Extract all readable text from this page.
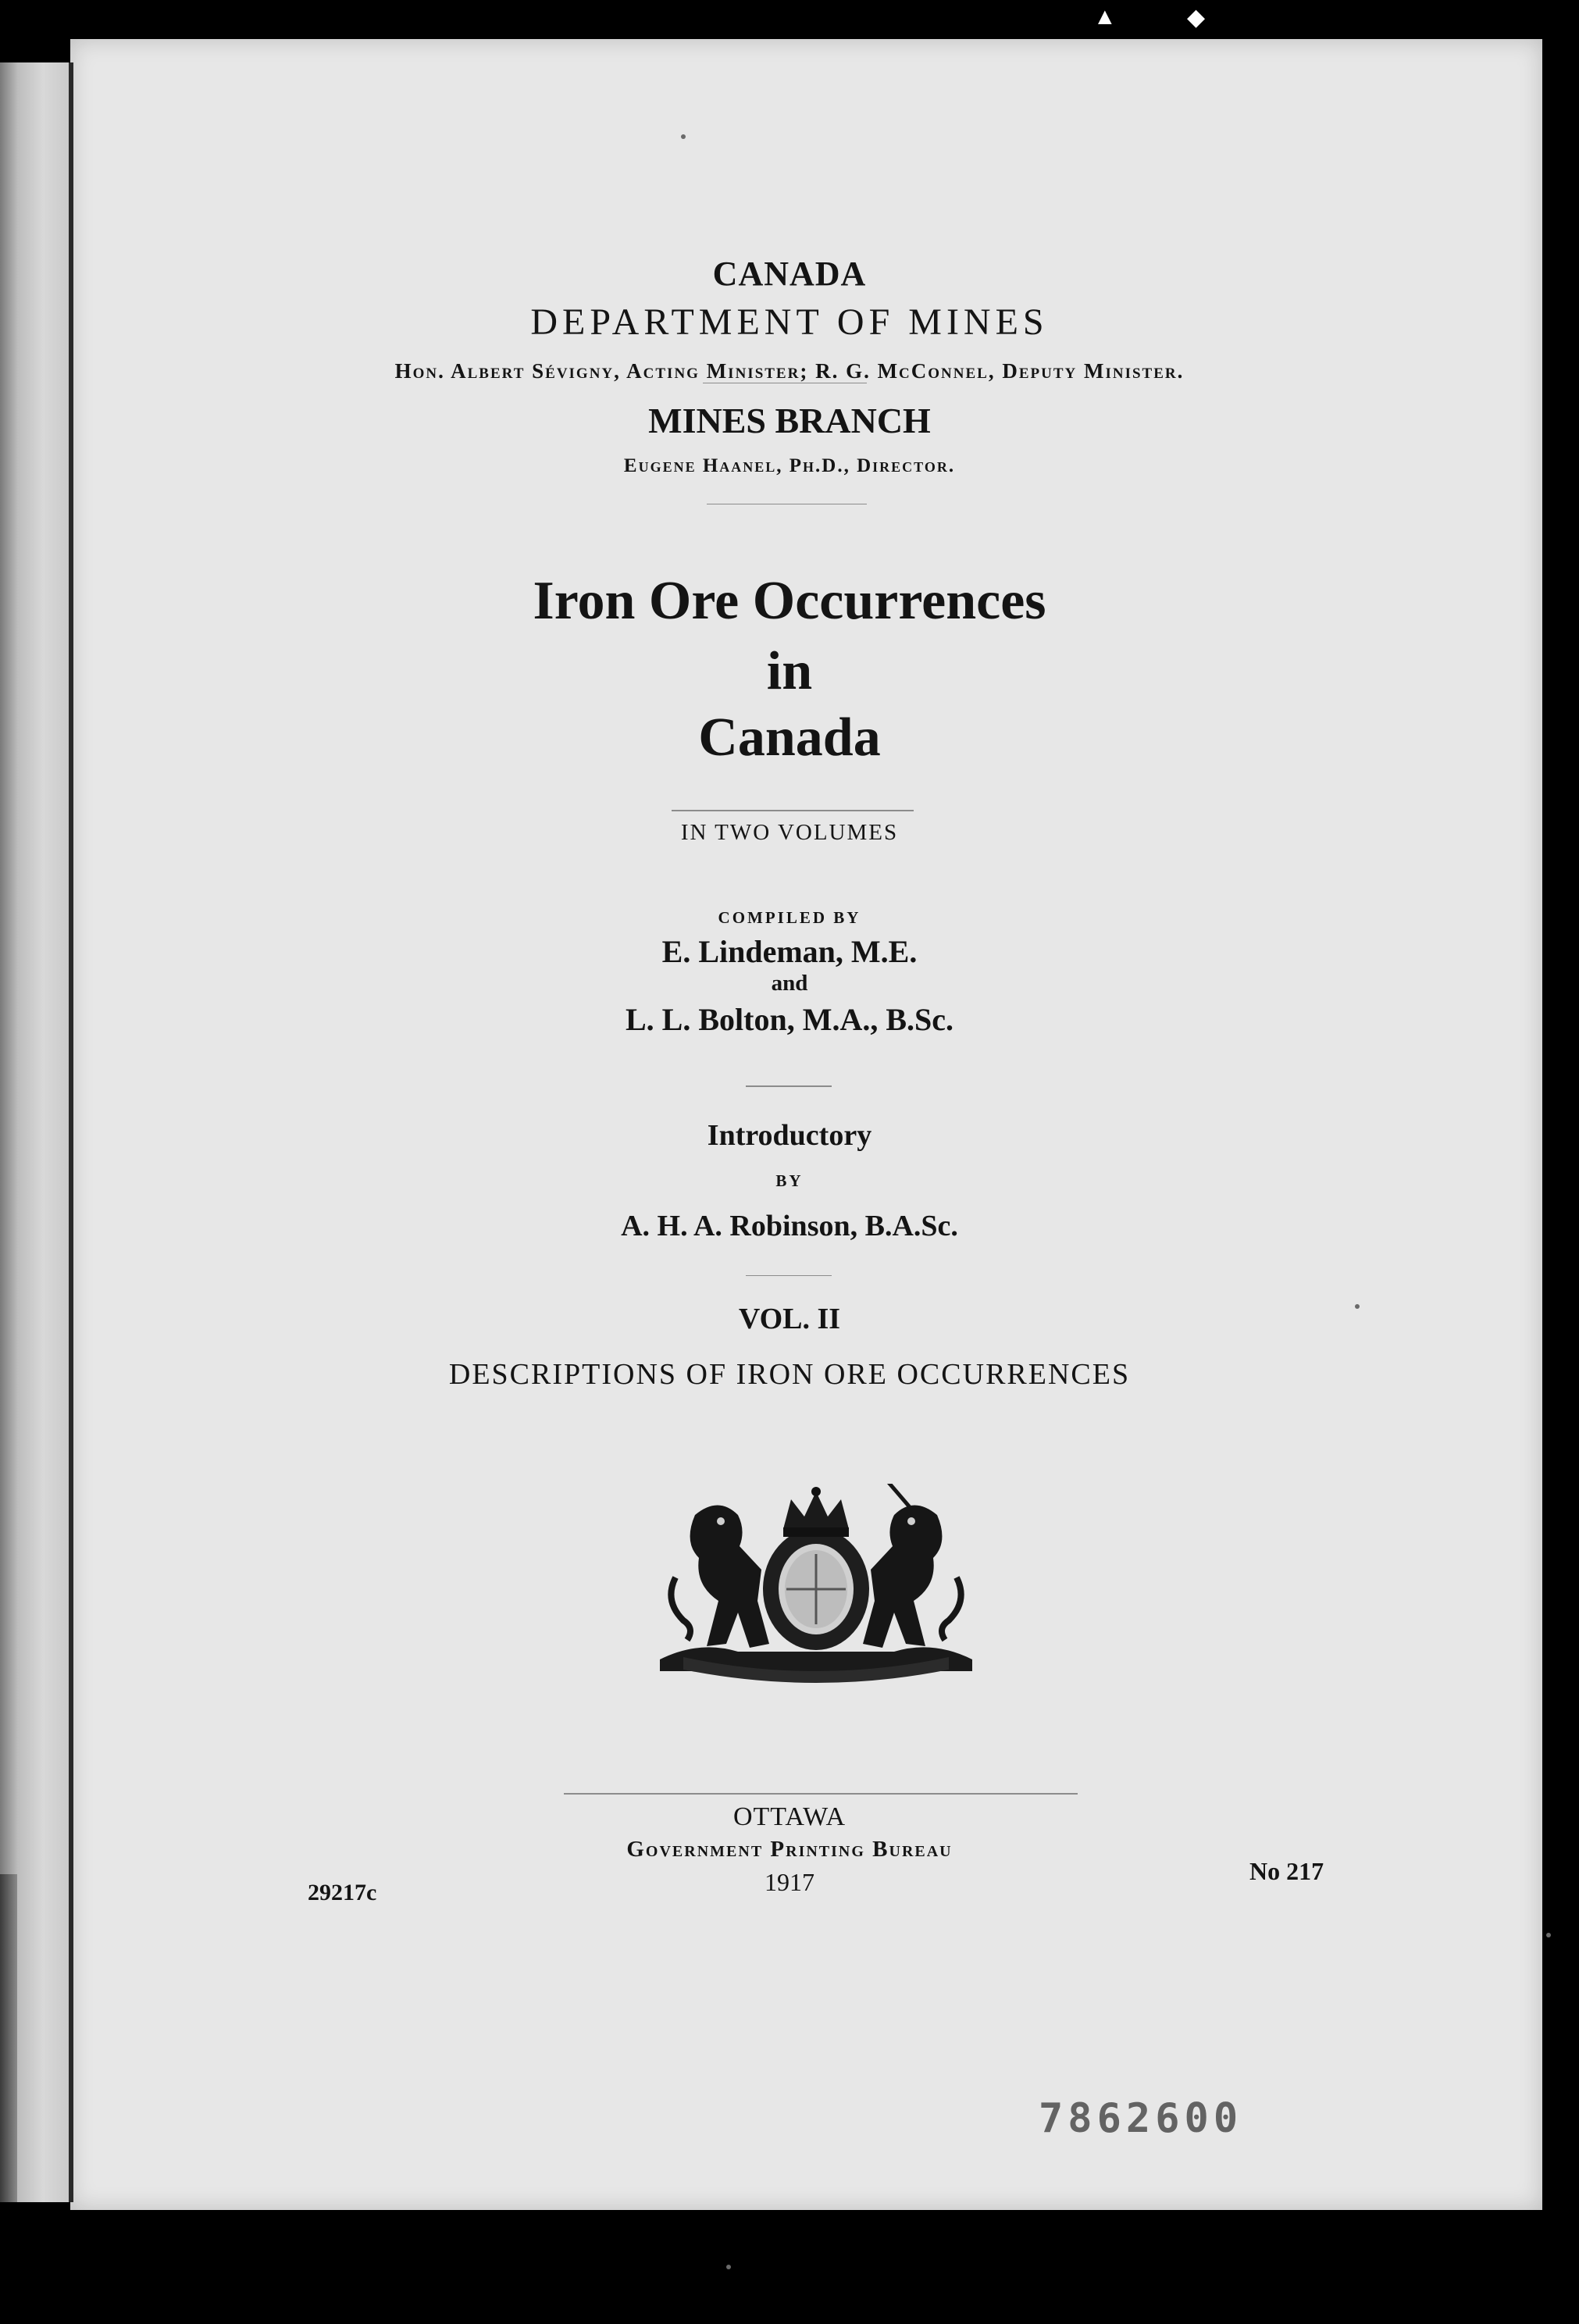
▲	◆
CANADA
DEPARTMENT OF MINES
Hon. Albert Sévigny, Acting Minister; R. G. McConnel, Deputy Minister.
MINES BRANCH
Eugene Haanel, Ph.D., Director.
Iron Ore Occurrences
in
Canada
IN TWO VOLUMES
COMPILED BY
E. Lindeman, M.E.
and
L. L. Bolton, M.A., B.Sc.
Introductory
BY
A. H. A. Robinson, B.A.Sc.
VOL. II
DESCRIPTIONS OF IRON ORE OCCURRENCES
OTTAWA
Government Printing Bureau
1917
29217c
No 217
7862600
